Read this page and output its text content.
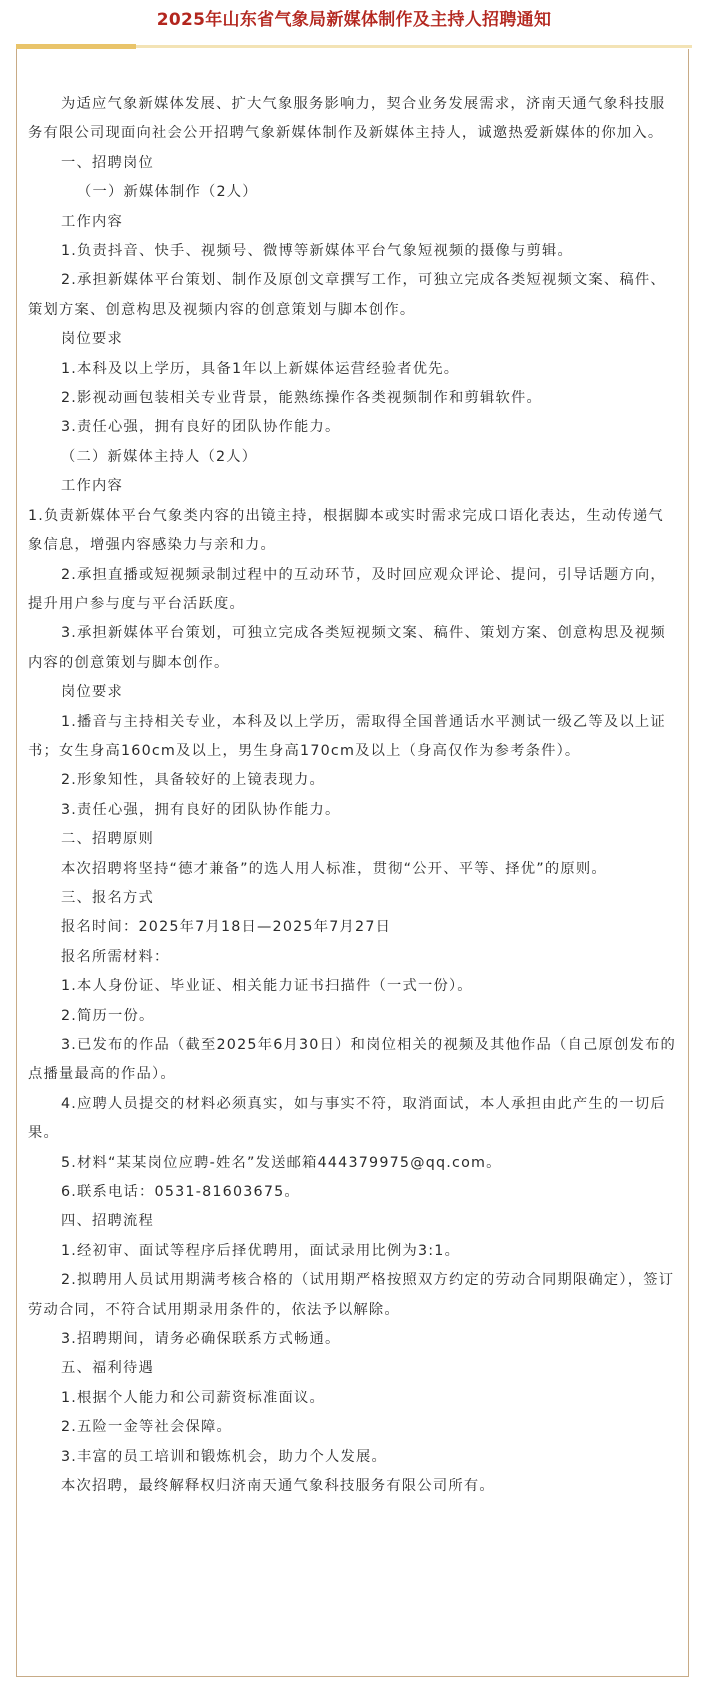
2025年山东省气象局新媒体制作及主持人招聘通知

为适应气象新媒体发展、扩大气象服务影响力，契合业务发展需求，济南天通气象科技服务有限公司现面向社会公开招聘气象新媒体制作及新媒体主持人，诚邀热爱新媒体的你加入。

一、招聘岗位

（一）新媒体制作（2人）

工作内容

1.负责抖音、快手、视频号、微博等新媒体平台气象短视频的摄像与剪辑。

2.承担新媒体平台策划、制作及原创文章撰写工作，可独立完成各类短视频文案、稿件、策划方案、创意构思及视频内容的创意策划与脚本创作。

岗位要求

1.本科及以上学历，具备1年以上新媒体运营经验者优先。

2.影视动画包装相关专业背景，能熟练操作各类视频制作和剪辑软件。

3.责任心强，拥有良好的团队协作能力。

（二）新媒体主持人（2人）

工作内容

1.负责新媒体平台气象类内容的出镜主持，根据脚本或实时需求完成口语化表达，生动传递气象信息，增强内容感染力与亲和力。

2.承担直播或短视频录制过程中的互动环节，及时回应观众评论、提问，引导话题方向，提升用户参与度与平台活跃度。

3.承担新媒体平台策划，可独立完成各类短视频文案、稿件、策划方案、创意构思及视频内容的创意策划与脚本创作。

岗位要求

1.播音与主持相关专业，本科及以上学历，需取得全国普通话水平测试一级乙等及以上证书；女生身高160cm及以上，男生身高170cm及以上（身高仅作为参考条件）。

2.形象知性，具备较好的上镜表现力。

3.责任心强，拥有良好的团队协作能力。

二、招聘原则

本次招聘将坚持“德才兼备”的选人用人标准，贯彻“公开、平等、择优”的原则。

三、报名方式

报名时间：2025年7月18日—2025年7月27日

报名所需材料：

1.本人身份证、毕业证、相关能力证书扫描件（一式一份）。

2.简历一份。

3.已发布的作品（截至2025年6月30日）和岗位相关的视频及其他作品（自己原创发布的点播量最高的作品）。

4.应聘人员提交的材料必须真实，如与事实不符，取消面试，本人承担由此产生的一切后果。

5.材料“某某岗位应聘-姓名”发送邮箱444379975@qq.com。

6.联系电话：0531-81603675。

四、招聘流程

1.经初审、面试等程序后择优聘用，面试录用比例为3:1。

2.拟聘用人员试用期满考核合格的（试用期严格按照双方约定的劳动合同期限确定），签订劳动合同，不符合试用期录用条件的，依法予以解除。

3.招聘期间，请务必确保联系方式畅通。

五、福利待遇

1.根据个人能力和公司薪资标准面议。

2.五险一金等社会保障。

3.丰富的员工培训和锻炼机会，助力个人发展。

本次招聘，最终解释权归济南天通气象科技服务有限公司所有。
